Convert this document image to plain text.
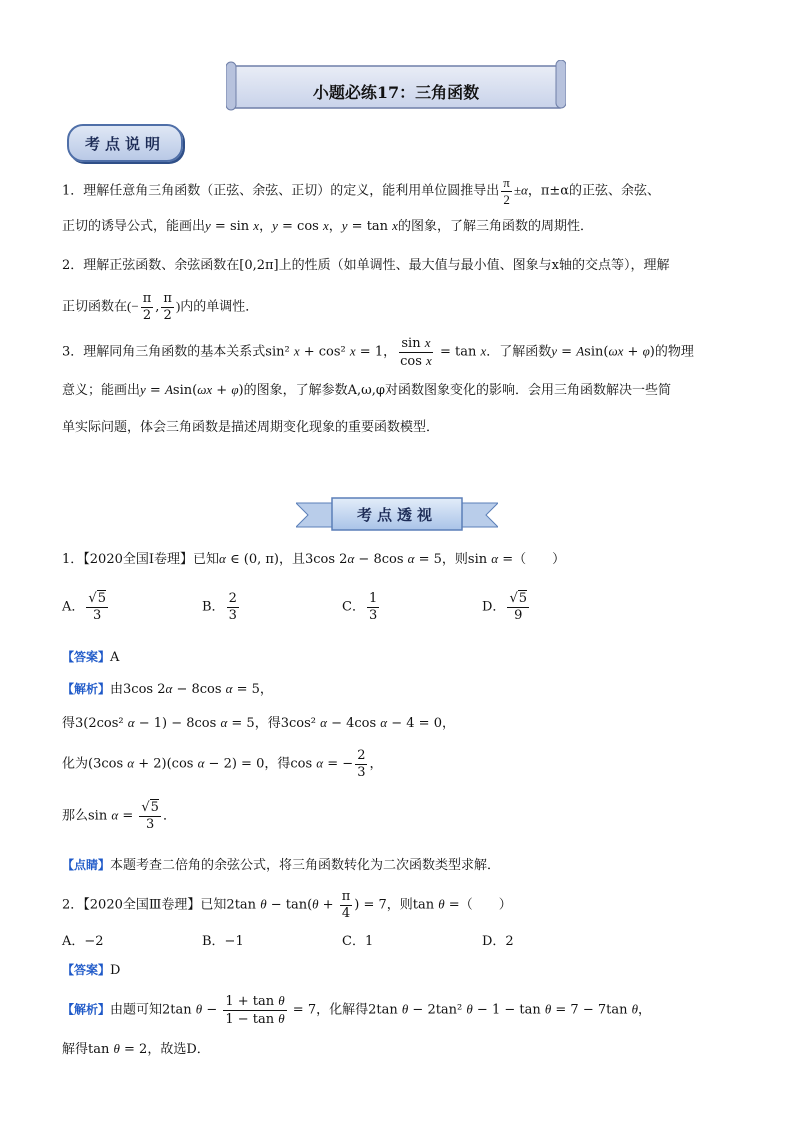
小题必练17：三角函数
考点说明
1．理解任意角三角函数（正弦、余弦、正切）的定义，能利用单位圆推导出 $\frac{\pi}{2} \pm\alpha$，π±α的正弦、余弦、
正切的诱导公式，能画出y = sin x，y = cos x，y = tan x的图象，了解三角函数的周期性．
2．理解正弦函数、余弦函数在[0,2π]上的性质（如单调性、最大值与最小值、图象与x轴的交点等），理解
正切函数在(− $\frac{\pi}{2}$ , $\frac{\pi}{2}$ )内的单调性．
3．理解同角三角函数的基本关系式sin² x + cos² x = 1， $\frac{\text{sin x}}{\text{cos x}} = \tan x$．了解函数y = Asin(ωx + φ)的物理
意义；能画出y = Asin(ωx + φ)的图象，了解参数A,ω,φ对函数图象变化的影响．会用三角函数解决一些简
单实际问题，体会三角函数是描述周期变化现象的重要函数模型．
考点透视
1．【2020全国Ⅰ卷理】已知α ∈ (0, π)，且3cos 2α − 8cos α = 5，则sin α =（　　）
A． $\frac{√5}{3}$	B． $\frac{2}{3}$	C． $\frac{1}{3}$	D． $\frac{√5}{9}$
【答案】A
【解析】由3cos 2α − 8cos α = 5，
得3(2cos² α − 1) − 8cos α = 5，得3cos² α − 4cos α − 4 = 0，
化为(3cos α + 2)(cos α − 2) = 0，得cos α = − $\frac{2}{3}$ ，
那么$\sin \alpha = \frac{√5}{3}$ ．
【点睛】本题考查二倍角的余弦公式，将三角函数转化为二次函数类型求解．
2．【2020全国Ⅲ卷理】已知2tan $\theta - \tan(\theta + \frac{\pi}{4}$ ) = 7，则tan θ =（　　）
A．−2	B．−1	C．1	D．2
【答案】D
【解析】由题可知2tan $\theta - \frac{\text{1 + tan θ}}{\text{1 − tan θ}} = 7$，化解得2tan θ − 2tan² θ − 1 − tan θ = 7 − 7tan θ，
解得tan θ = 2，故选D．
